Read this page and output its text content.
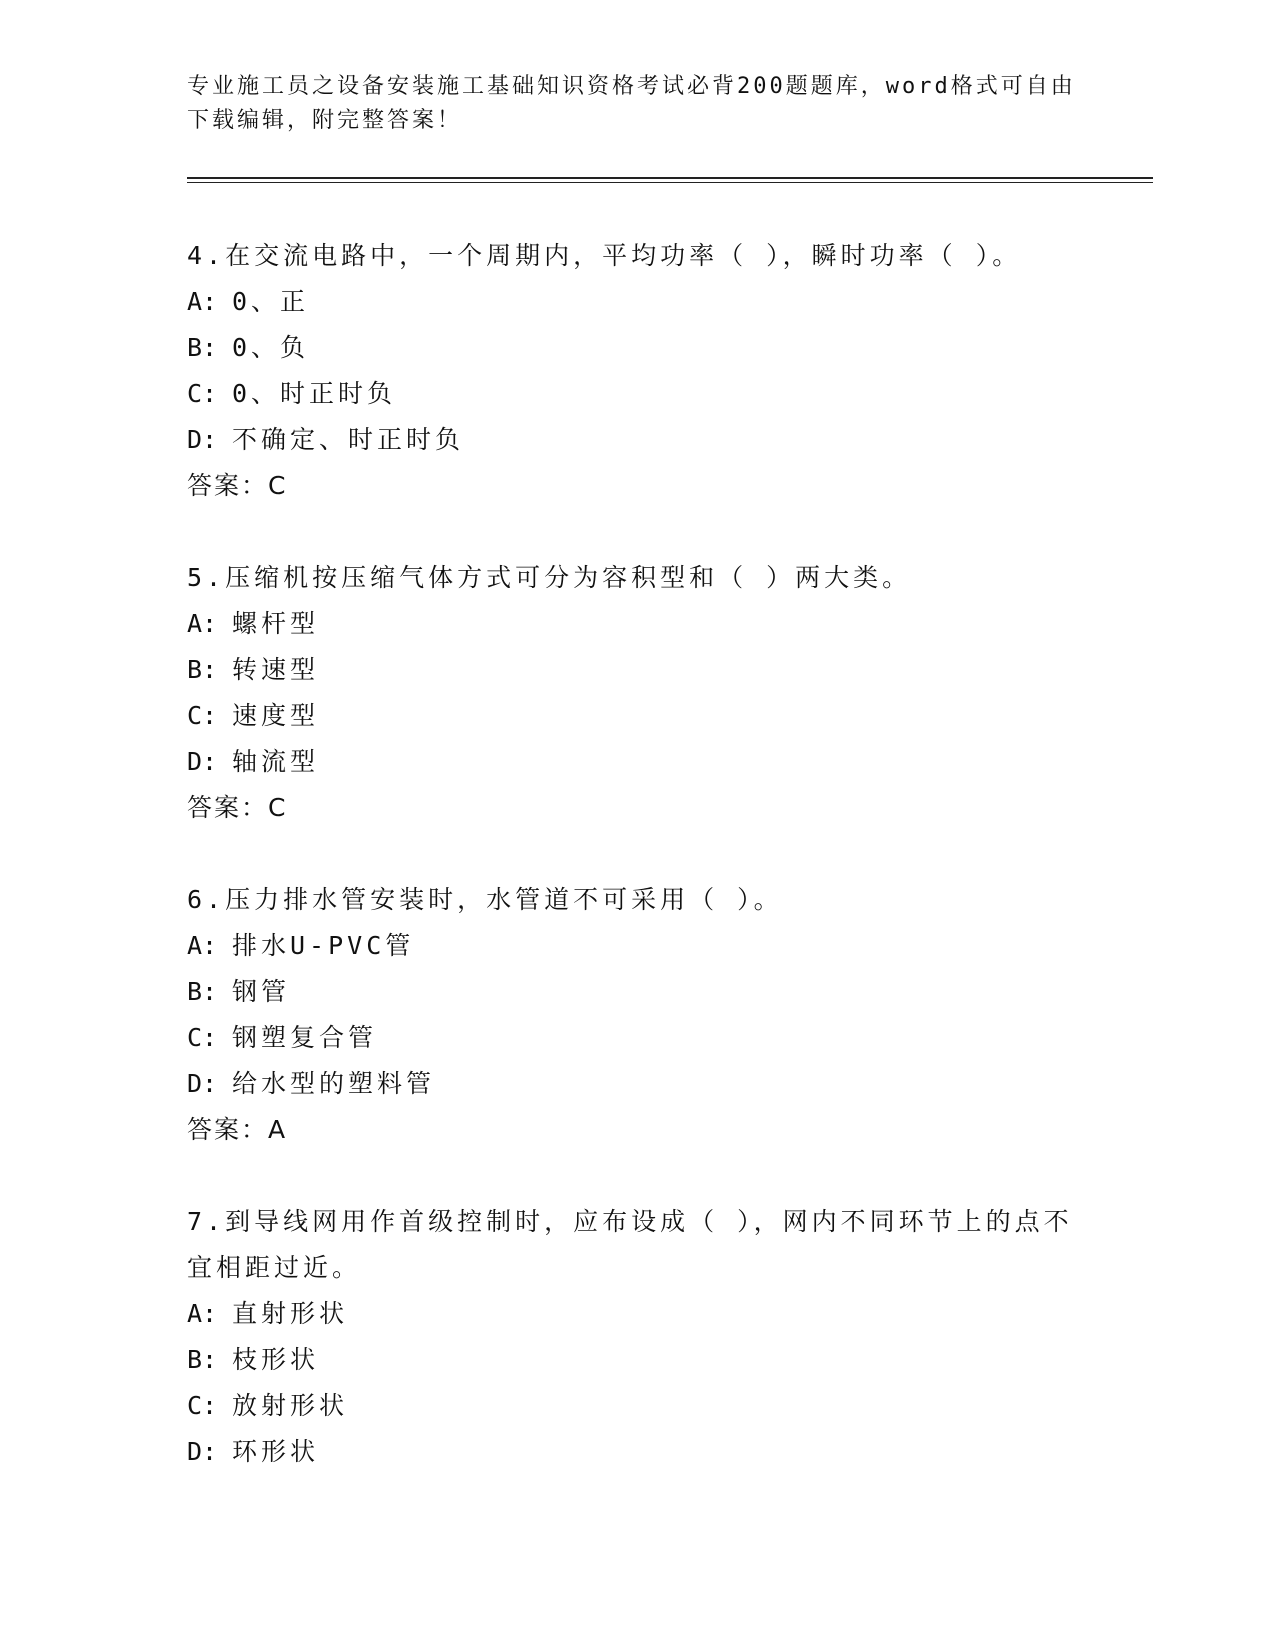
专业施工员之设备安装施工基础知识资格考试必背200题题库，word格式可自由
下载编辑，附完整答案！
4.在交流电路中，一个周期内，平均功率（ ），瞬时功率（ ）。
A: 0、正
B: 0、负
C: 0、时正时负
D: 不确定、时正时负
答案：C
5.压缩机按压缩气体方式可分为容积型和（ ）两大类。
A: 螺杆型
B: 转速型
C: 速度型
D: 轴流型
答案：C
6.压力排水管安装时，水管道不可采用（ ）。
A: 排水U-PVC管
B: 钢管
C: 钢塑复合管
D: 给水型的塑料管
答案：A
7.到导线网用作首级控制时，应布设成（ ），网内不同环节上的点不
宜相距过近。
A: 直射形状
B: 枝形状
C: 放射形状
D: 环形状
